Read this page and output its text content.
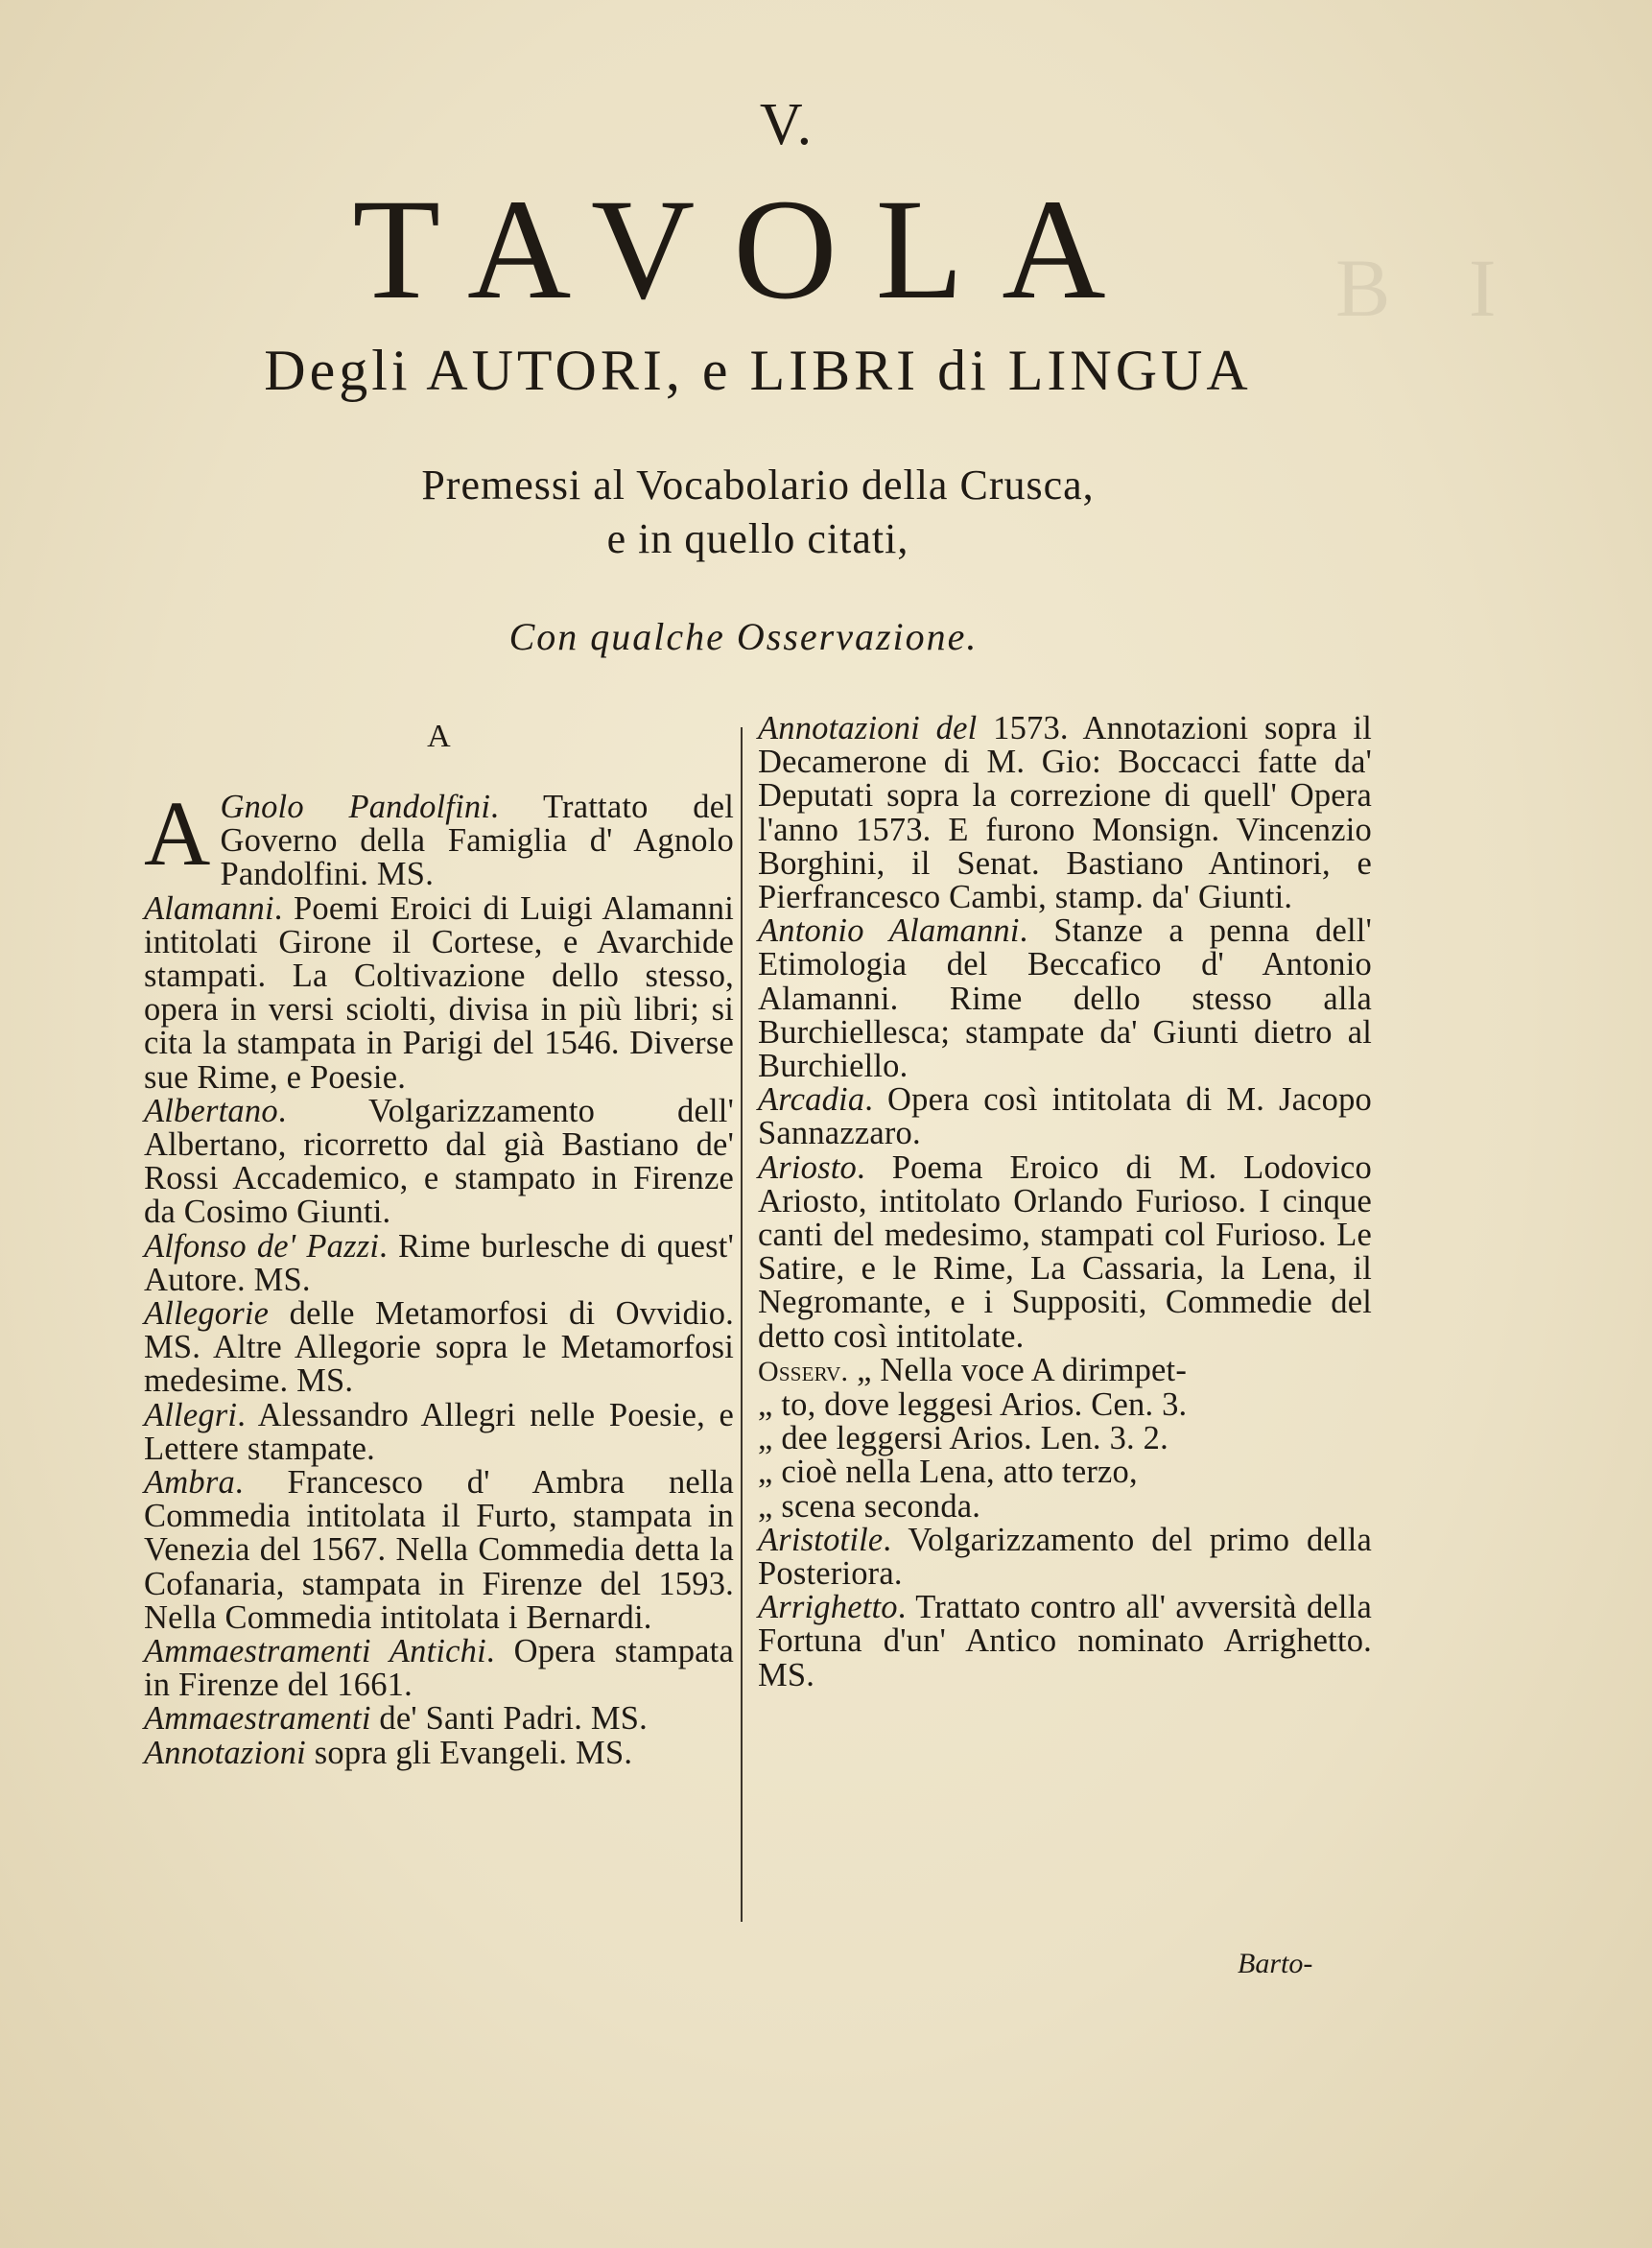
B I
V.
TAVOLA
Degli AUTORI, e LIBRI di LINGUA
Premessi al Vocabolario della Crusca,
e in quello citati,
Con qualche Osservazione.
A

A Gnolo Pandolfini. Trattato del Governo della Famiglia d' Agnolo Pandolfini. MS.

Alamanni. Poemi Eroici di Luigi Alamanni intitolati Girone il Cortese, e Avarchide stampati. La Coltivazione dello stesso, opera in versi sciolti, divisa in più libri; si cita la stampata in Parigi del 1546. Diverse sue Rime, e Poesie.

Albertano. Volgarizzamento dell' Albertano, ricorretto dal già Bastiano de' Rossi Accademico, e stampato in Firenze da Cosimo Giunti.

Alfonso de' Pazzi. Rime burlesche di quest' Autore. MS.

Allegorie delle Metamorfosi di Ovvidio. MS. Altre Allegorie sopra le Metamorfosi medesime. MS.

Allegri. Alessandro Allegri nelle Poesie, e Lettere stampate.

Ambra. Francesco d' Ambra nella Commedia intitolata il Furto, stampata in Venezia del 1567. Nella Commedia detta la Cofanaria, stampata in Firenze del 1593. Nella Commedia intitolata i Bernardi.

Ammaestramenti Antichi. Opera stampata in Firenze del 1661.

Ammaestramenti de' Santi Padri. MS.

Annotazioni sopra gli Evangeli. MS.

Annotazioni del 1573. Annotazioni sopra il Decamerone di M. Gio: Boccacci fatte da' Deputati sopra la correzione di quell' Opera l'anno 1573. E furono Monsign. Vincenzio Borghini, il Senat. Bastiano Antinori, e Pierfrancesco Cambi, stamp. da' Giunti.

Antonio Alamanni. Stanze a penna dell' Etimologia del Beccafico d' Antonio Alamanni. Rime dello stesso alla Burchiellesca; stampate da' Giunti dietro al Burchiello.

Arcadia. Opera così intitolata di M. Jacopo Sannazzaro.

Ariosto. Poema Eroico di M. Lodovico Ariosto, intitolato Orlando Furioso. I cinque canti del medesimo, stampati col Furioso. Le Satire, e le Rime, La Cassaria, la Lena, il Negromante, e i Suppositi, Commedie del detto così intitolate.

Osserv. „ Nella voce A dirimpet-
„ to, dove leggesi Arios. Cen. 3.
„ dee leggersi Arios. Len. 3. 2.
„ cioè nella Lena, atto terzo,
„ scena seconda.

Aristotile. Volgarizzamento del primo della Posteriora.

Arrighetto. Trattato contro all' avversità della Fortuna d'un' Antico nominato Arrighetto. MS.

Barto-
